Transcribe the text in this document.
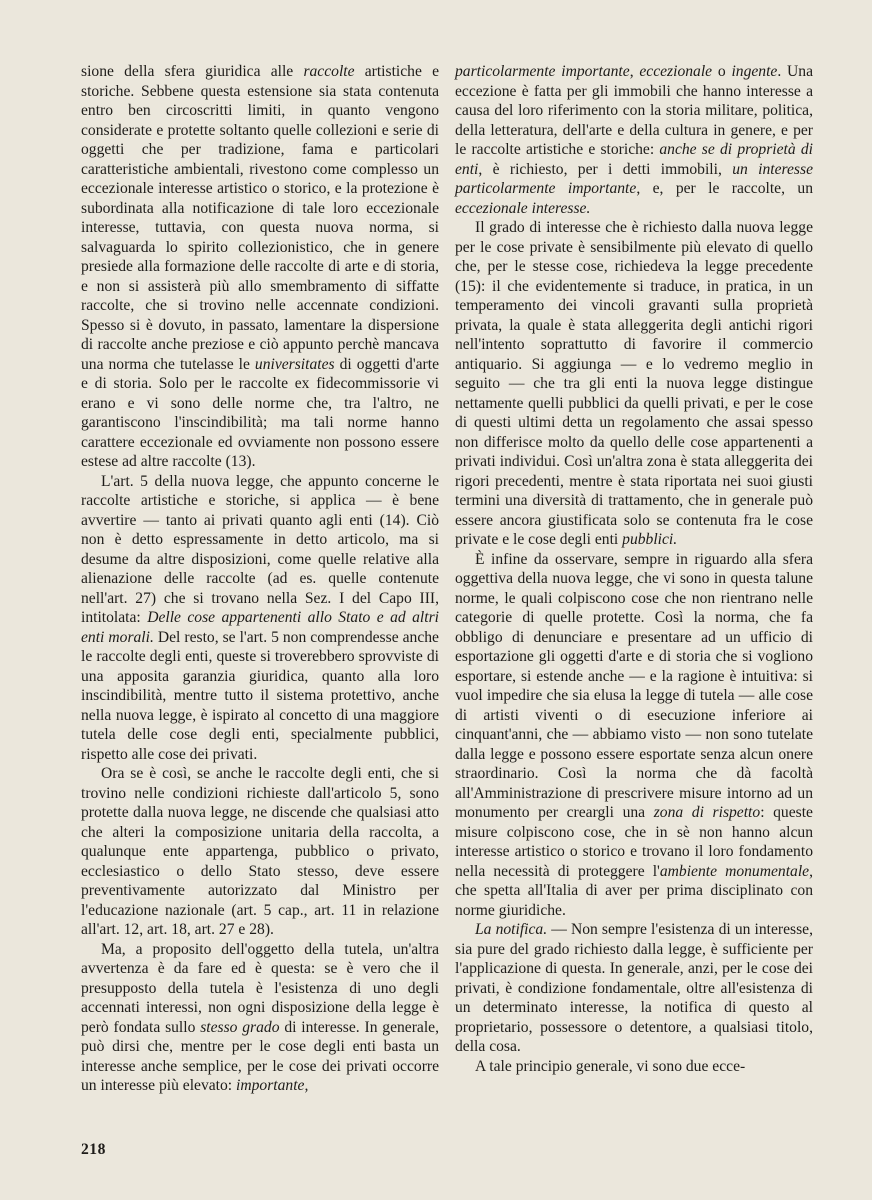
sione della sfera giuridica alle raccolte artistiche e storiche. Sebbene questa estensione sia stata contenuta entro ben circoscritti limiti, in quanto vengono considerate e protette soltanto quelle collezioni e serie di oggetti che per tradizione, fama e particolari caratteristiche ambientali, rivestono come complesso un eccezionale interesse artistico o storico, e la protezione è subordinata alla notificazione di tale loro eccezionale interesse, tuttavia, con questa nuova norma, si salvaguarda lo spirito collezionistico, che in genere presiede alla formazione delle raccolte di arte e di storia, e non si assisterà più allo smembramento di siffatte raccolte, che si trovino nelle accennate condizioni. Spesso si è dovuto, in passato, lamentare la dispersione di raccolte anche preziose e ciò appunto perchè mancava una norma che tutelasse le universitates di oggetti d'arte e di storia. Solo per le raccolte ex fidecommissorie vi erano e vi sono delle norme che, tra l'altro, ne garantiscono l'inscindibilità; ma tali norme hanno carattere eccezionale ed ovviamente non possono essere estese ad altre raccolte (13).

L'art. 5 della nuova legge, che appunto concerne le raccolte artistiche e storiche, si applica — è bene avvertire — tanto ai privati quanto agli enti (14). Ciò non è detto espressamente in detto articolo, ma si desume da altre disposizioni, come quelle relative alla alienazione delle raccolte (ad es. quelle contenute nell'art. 27) che si trovano nella Sez. I del Capo III, intitolata: Delle cose appartenenti allo Stato e ad altri enti morali. Del resto, se l'art. 5 non comprendesse anche le raccolte degli enti, queste si troverebbero sprovviste di una apposita garanzia giuridica, quanto alla loro inscindibilità, mentre tutto il sistema protettivo, anche nella nuova legge, è ispirato al concetto di una maggiore tutela delle cose degli enti, specialmente pubblici, rispetto alle cose dei privati.

Ora se è così, se anche le raccolte degli enti, che si trovino nelle condizioni richieste dall'articolo 5, sono protette dalla nuova legge, ne discende che qualsiasi atto che alteri la composizione unitaria della raccolta, a qualunque ente appartenga, pubblico o privato, ecclesiastico o dello Stato stesso, deve essere preventivamente autorizzato dal Ministro per l'educazione nazionale (art. 5 cap., art. 11 in relazione all'art. 12, art. 18, art. 27 e 28).

Ma, a proposito dell'oggetto della tutela, un'altra avvertenza è da fare ed è questa: se è vero che il presupposto della tutela è l'esistenza di uno degli accennati interessi, non ogni disposizione della legge è però fondata sullo stesso grado di interesse. In generale, può dirsi che, mentre per le cose degli enti basta un interesse anche semplice, per le cose dei privati occorre un interesse più elevato: importante,

particolarmente importante, eccezionale o ingente. Una eccezione è fatta per gli immobili che hanno interesse a causa del loro riferimento con la storia militare, politica, della letteratura, dell'arte e della cultura in genere, e per le raccolte artistiche e storiche: anche se di proprietà di enti, è richiesto, per i detti immobili, un interesse particolarmente importante, e, per le raccolte, un eccezionale interesse.

Il grado di interesse che è richiesto dalla nuova legge per le cose private è sensibilmente più elevato di quello che, per le stesse cose, richiedeva la legge precedente (15): il che evidentemente si traduce, in pratica, in un temperamento dei vincoli gravanti sulla proprietà privata, la quale è stata alleggerita degli antichi rigori nell'intento soprattutto di favorire il commercio antiquario. Si aggiunga — e lo vedremo meglio in seguito — che tra gli enti la nuova legge distingue nettamente quelli pubblici da quelli privati, e per le cose di questi ultimi detta un regolamento che assai spesso non differisce molto da quello delle cose appartenenti a privati individui. Così un'altra zona è stata alleggerita dei rigori precedenti, mentre è stata riportata nei suoi giusti termini una diversità di trattamento, che in generale può essere ancora giustificata solo se contenuta fra le cose private e le cose degli enti pubblici.

È infine da osservare, sempre in riguardo alla sfera oggettiva della nuova legge, che vi sono in questa talune norme, le quali colpiscono cose che non rientrano nelle categorie di quelle protette. Così la norma, che fa obbligo di denunciare e presentare ad un ufficio di esportazione gli oggetti d'arte e di storia che si vogliono esportare, si estende anche — e la ragione è intuitiva: si vuol impedire che sia elusa la legge di tutela — alle cose di artisti viventi o di esecuzione inferiore ai cinquant'anni, che — abbiamo visto — non sono tutelate dalla legge e possono essere esportate senza alcun onere straordinario. Così la norma che dà facoltà all'Amministrazione di prescrivere misure intorno ad un monumento per creargli una zona di rispetto: queste misure colpiscono cose, che in sè non hanno alcun interesse artistico o storico e trovano il loro fondamento nella necessità di proteggere l'ambiente monumentale, che spetta all'Italia di aver per prima disciplinato con norme giuridiche.

La notifica. — Non sempre l'esistenza di un interesse, sia pure del grado richiesto dalla legge, è sufficiente per l'applicazione di questa. In generale, anzi, per le cose dei privati, è condizione fondamentale, oltre all'esistenza di un determinato interesse, la notifica di questo al proprietario, possessore o detentore, a qualsiasi titolo, della cosa.

A tale principio generale, vi sono due ecce-

218
